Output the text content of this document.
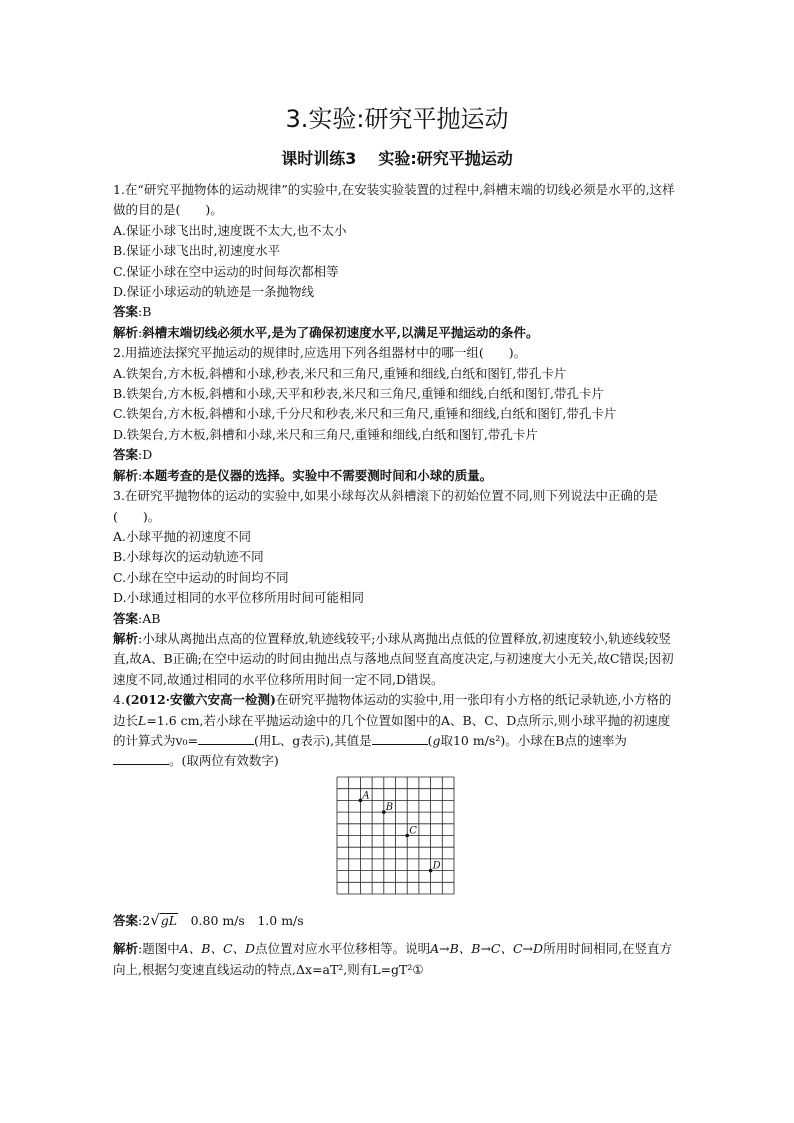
3.实验:研究平抛运动
课时训练3 实验:研究平抛运动

1.在“研究平抛物体的运动规律”的实验中,在安装实验装置的过程中,斜槽末端的切线必须是水平的,这样做的目的是(　　)。

A.保证小球飞出时,速度既不太大,也不太小

B.保证小球飞出时,初速度水平

C.保证小球在空中运动的时间每次都相等

D.保证小球运动的轨迹是一条抛物线

答案:B

解析:斜槽末端切线必须水平,是为了确保初速度水平,以满足平抛运动的条件。

2.用描迹法探究平抛运动的规律时,应选用下列各组器材中的哪一组(　　)。

A.铁架台,方木板,斜槽和小球,秒表,米尺和三角尺,重锤和细线,白纸和图钉,带孔卡片

B.铁架台,方木板,斜槽和小球,天平和秒表,米尺和三角尺,重锤和细线,白纸和图钉,带孔卡片

C.铁架台,方木板,斜槽和小球,千分尺和秒表,米尺和三角尺,重锤和细线,白纸和图钉,带孔卡片

D.铁架台,方木板,斜槽和小球,米尺和三角尺,重锤和细线,白纸和图钉,带孔卡片

答案:D

解析:本题考查的是仪器的选择。实验中不需要测时间和小球的质量。

3.在研究平抛物体的运动的实验中,如果小球每次从斜槽滚下的初始位置不同,则下列说法中正确的是(　　)。

A.小球平抛的初速度不同

B.小球每次的运动轨迹不同

C.小球在空中运动的时间均不同

D.小球通过相同的水平位移所用时间可能相同

答案:AB

解析:小球从离抛出点高的位置释放,轨迹线较平;小球从离抛出点低的位置释放,初速度较小,轨迹线较竖直,故A、B正确;在空中运动的时间由抛出点与落地点间竖直高度决定,与初速度大小无关,故C错误;因初速度不同,故通过相同的水平位移所用时间一定不同,D错误。

4.(2012·安徽六安高一检测)在研究平抛物体运动的实验中,用一张印有小方格的纸记录轨迹,小方格的边长L=1.6 cm,若小球在平抛运动途中的几个位置如图中的A、B、C、D点所示,则小球平抛的初速度的计算式为v₀=	(用L、g表示),其值是	(g取10 m/s²)。小球在B点的速率为。(取两位有效数字)

A
B
C
D

答案:2√gL　0.80 m/s　1.0 m/s

解析:题图中A、B、C、D点位置对应水平位移相等。说明A→B、B→C、C→D所用时间相同,在竖直方向上,根据匀变速直线运动的特点,Δx=aT²,则有L=gT²①
